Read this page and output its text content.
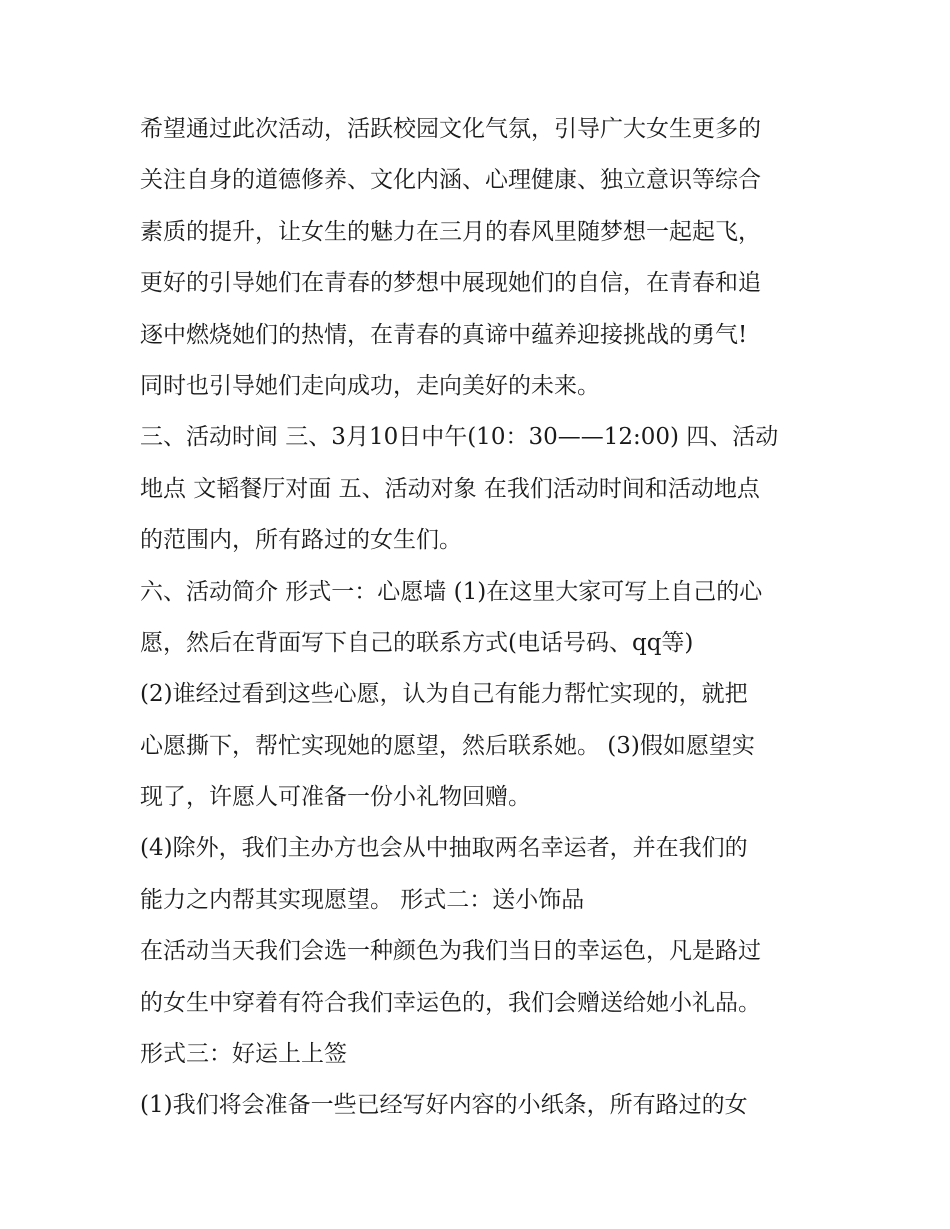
希望通过此次活动，活跃校园文化气氛，引导广大女生更多的
关注自身的道德修养、文化内涵、心理健康、独立意识等综合
素质的提升，让女生的魅力在三月的春风里随梦想一起起飞，
更好的引导她们在青春的梦想中展现她们的自信，在青春和追
逐中燃烧她们的热情，在青春的真谛中蕴养迎接挑战的勇气!
同时也引导她们走向成功，走向美好的未来。
三、活动时间 三、3月10日中午(10：30——12:00) 四、活动
地点 文韬餐厅对面 五、活动对象 在我们活动时间和活动地点
的范围内，所有路过的女生们。
六、活动简介 形式一：心愿墙 (1)在这里大家可写上自己的心
愿，然后在背面写下自己的联系方式(电话号码、qq等)
(2)谁经过看到这些心愿，认为自己有能力帮忙实现的，就把
心愿撕下，帮忙实现她的愿望，然后联系她。 (3)假如愿望实
现了，许愿人可准备一份小礼物回赠。
(4)除外，我们主办方也会从中抽取两名幸运者，并在我们的
能力之内帮其实现愿望。 形式二：送小饰品
在活动当天我们会选一种颜色为我们当日的幸运色，凡是路过
的女生中穿着有符合我们幸运色的，我们会赠送给她小礼品。
形式三：好运上上签
(1)我们将会准备一些已经写好内容的小纸条，所有路过的女
